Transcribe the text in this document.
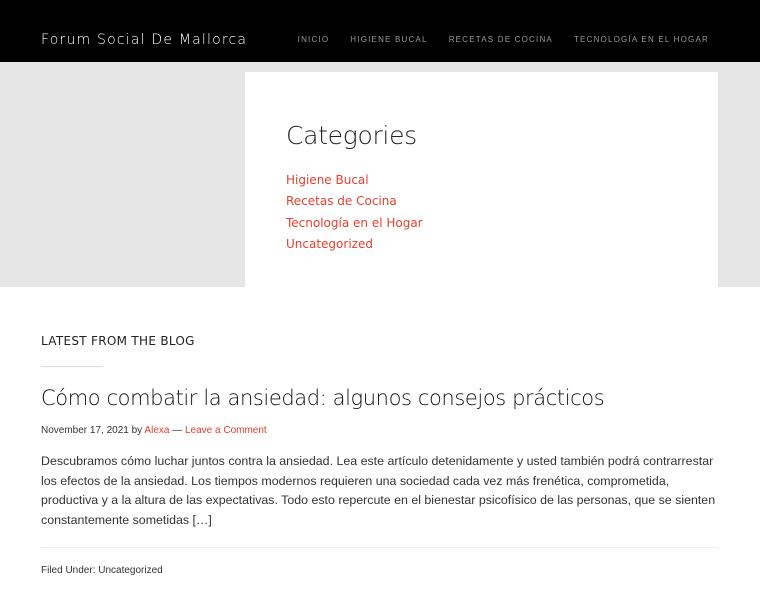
Forum Social De Mallorca	INICIO	HIGIENE BUCAL	RECETAS DE COCINA	TECNOLOGÍA EN EL HOGAR
Categories
Higiene Bucal
Recetas de Cocina
Tecnología en el Hogar
Uncategorized
LATEST FROM THE BLOG
Cómo combatir la ansiedad: algunos consejos prácticos
November 17, 2021 by Alexa — Leave a Comment

Descubramos cómo luchar juntos contra la ansiedad. Lea este artículo detenidamente y usted también podrá contrarrestar los efectos de la ansiedad. Los tiempos modernos requieren una sociedad cada vez más frenética, comprometida, productiva y a la altura de las expectativas. Todo esto repercute en el bienestar psicofísico de las personas, que se sienten constantemente sometidas […]

Filed Under: Uncategorized
